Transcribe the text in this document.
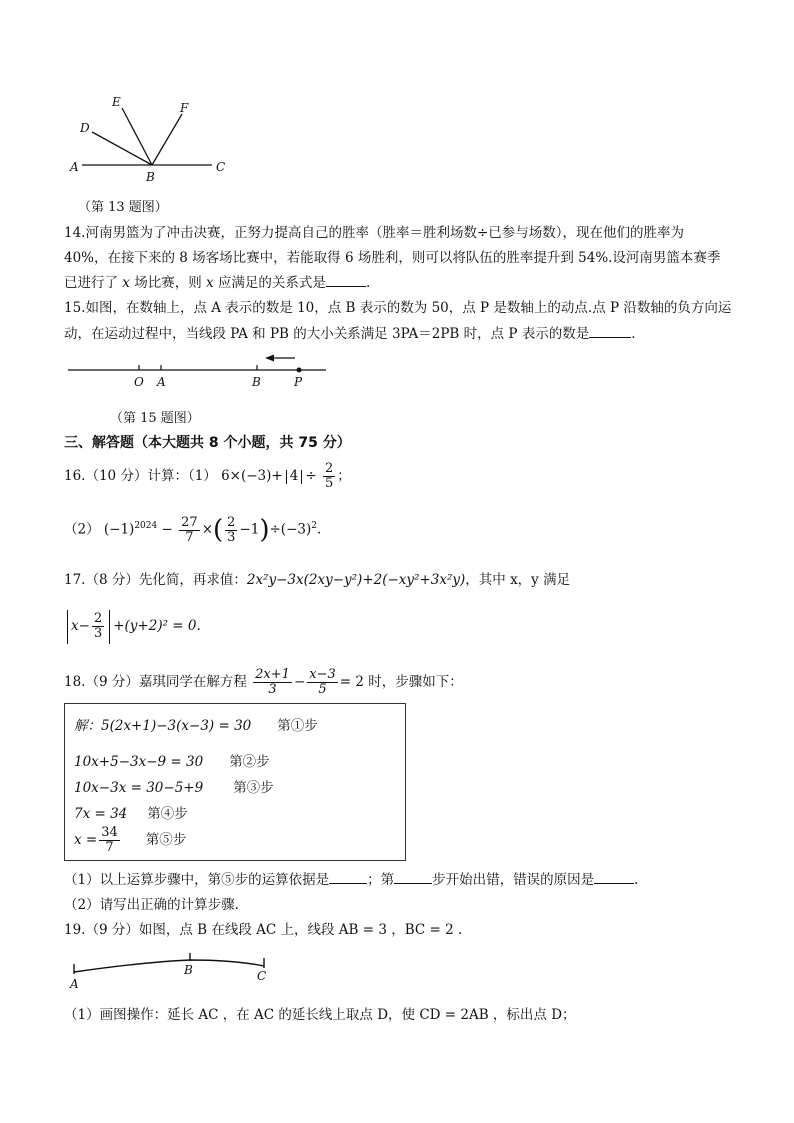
A
B
C
D
E	F
（第 13 题图）
14.河南男篮为了冲击决赛，正努力提高自己的胜率（胜率＝胜利场数÷已参与场数），现在他们的胜率为
40%，在接下来的 8 场客场比赛中，若能取得 6 场胜利，则可以将队伍的胜率提升到 54%.设河南男篮本赛季
已进行了 x 场比赛，则 x 应满足的关系式是	.
15.如图，在数轴上，点 A 表示的数是 10，点 B 表示的数为 50，点 P 是数轴上的动点.点 P 沿数轴的负方向运
动，在运动过程中，当线段 PA 和 PB 的大小关系满足 3PA＝2PB 时，点 P 表示的数是	.
O A	B	P
（第 15 题图）
三、解答题（本大题共 8 个小题，共 75 分）
16.（10 分）计算：（1） $6\times(-3)+ 4 \div \frac{2}{5}$ ；
（2） $(-1)^{2024} - \frac{27}{7}$ ×( $\frac{2}{3} -1)\div(-3)^2$.
17.（8 分）先化简，再求值：2x²y−3x(2xy−y²)+2(−xy²+3x²y)，其中 x，y 满足
$x- \frac{2}{3} +(y+2)^2 = 0$.
18.（9 分）嘉琪同学在解方程 $\frac{2x+1}{3} - \frac{x-3}{5} = 2$ 时，步骤如下：
解：5(2x+1)−3(x−3) = 30 第①步
10x+5−3x−9 = 30 第②步
10x−3x = 30−5+9 第③步
7x = 34 第④步
$x = \frac{34}{7}$ 第⑤步
（1）以上运算步骤中，第⑤步的运算依据是	；第	步开始出错，错误的原因是	.
（2）请写出正确的计算步骤.
19.（9 分）如图，点 B 在线段 AC 上，线段 AB = 3 ，BC = 2 .
A
B	C
（1）画图操作：延长 AC ，在 AC 的延长线上取点 D，使 CD = 2AB ，标出点 D；
